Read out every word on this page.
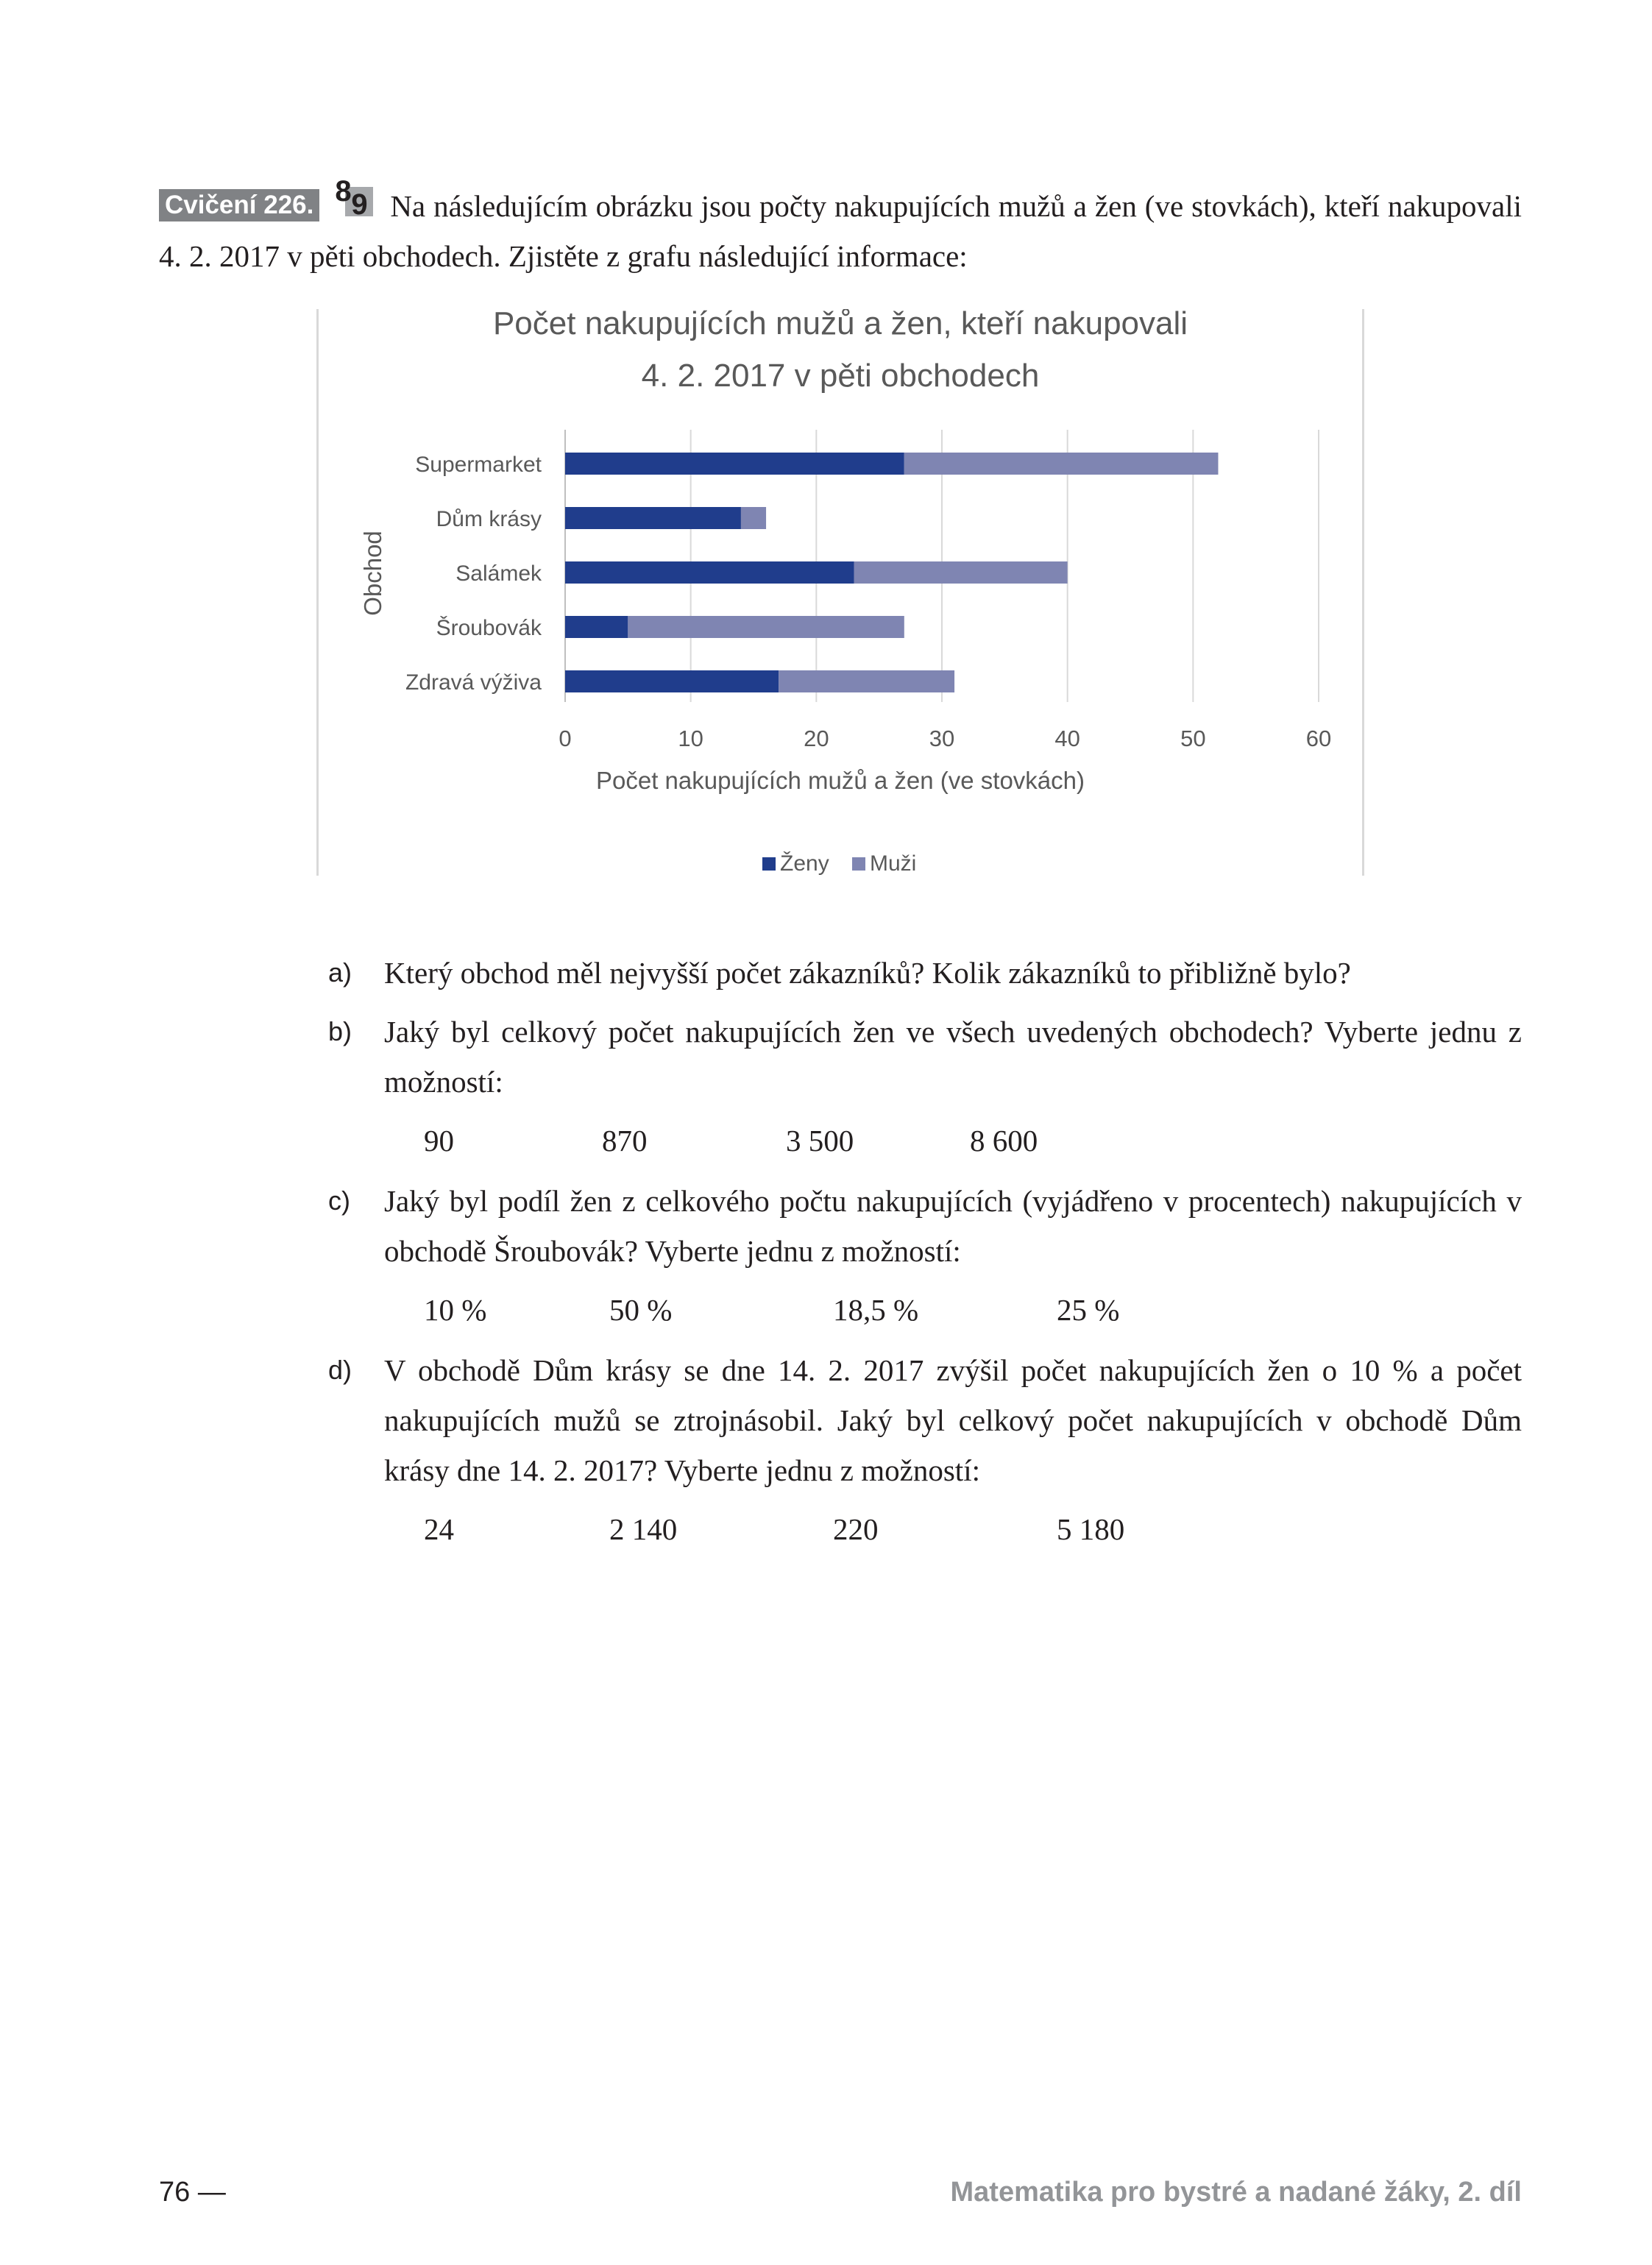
Cvičení 226. 8 9 Na následujícím obrázku jsou počty nakupujících mužů a žen (ve stovkách), kteří nakupovali 4. 2. 2017 v pěti obchodech. Zjistěte z grafu následující informace:
Počet nakupujících mužů a žen, kteří nakupovali
4. 2. 2017 v pěti obchodech
0	10	20	30	40	50	60
Supermarket
Dům krásy
Salámek
Šroubovák
Zdravá výživa
Počet nakupujících mužů a žen (ve stovkách)
Obchod
Ženy Muži
a) Který obchod měl nejvyšší počet zákazníků? Kolik zákazníků to přibližně bylo?
b) Jaký byl celkový počet nakupujících žen ve všech uvedených obchodech? Vyberte jednu z možností:
90	870	3 500	8 600
c) Jaký byl podíl žen z celkového počtu nakupujících (vyjádřeno v procentech) nakupujících v obchodě Šroubovák? Vyberte jednu z možností:
10 %	50 %	18,5 %	25 %
d) V obchodě Dům krásy se dne 14. 2. 2017 zvýšil počet nakupujících žen o 10 % a počet nakupujících mužů se ztrojnásobil. Jaký byl celkový počet nakupujících v obchodě Dům krásy dne 14. 2. 2017? Vyberte jednu z možností:
24	2 140	220	5 180
76 —	Matematika pro bystré a nadané žáky, 2. díl
